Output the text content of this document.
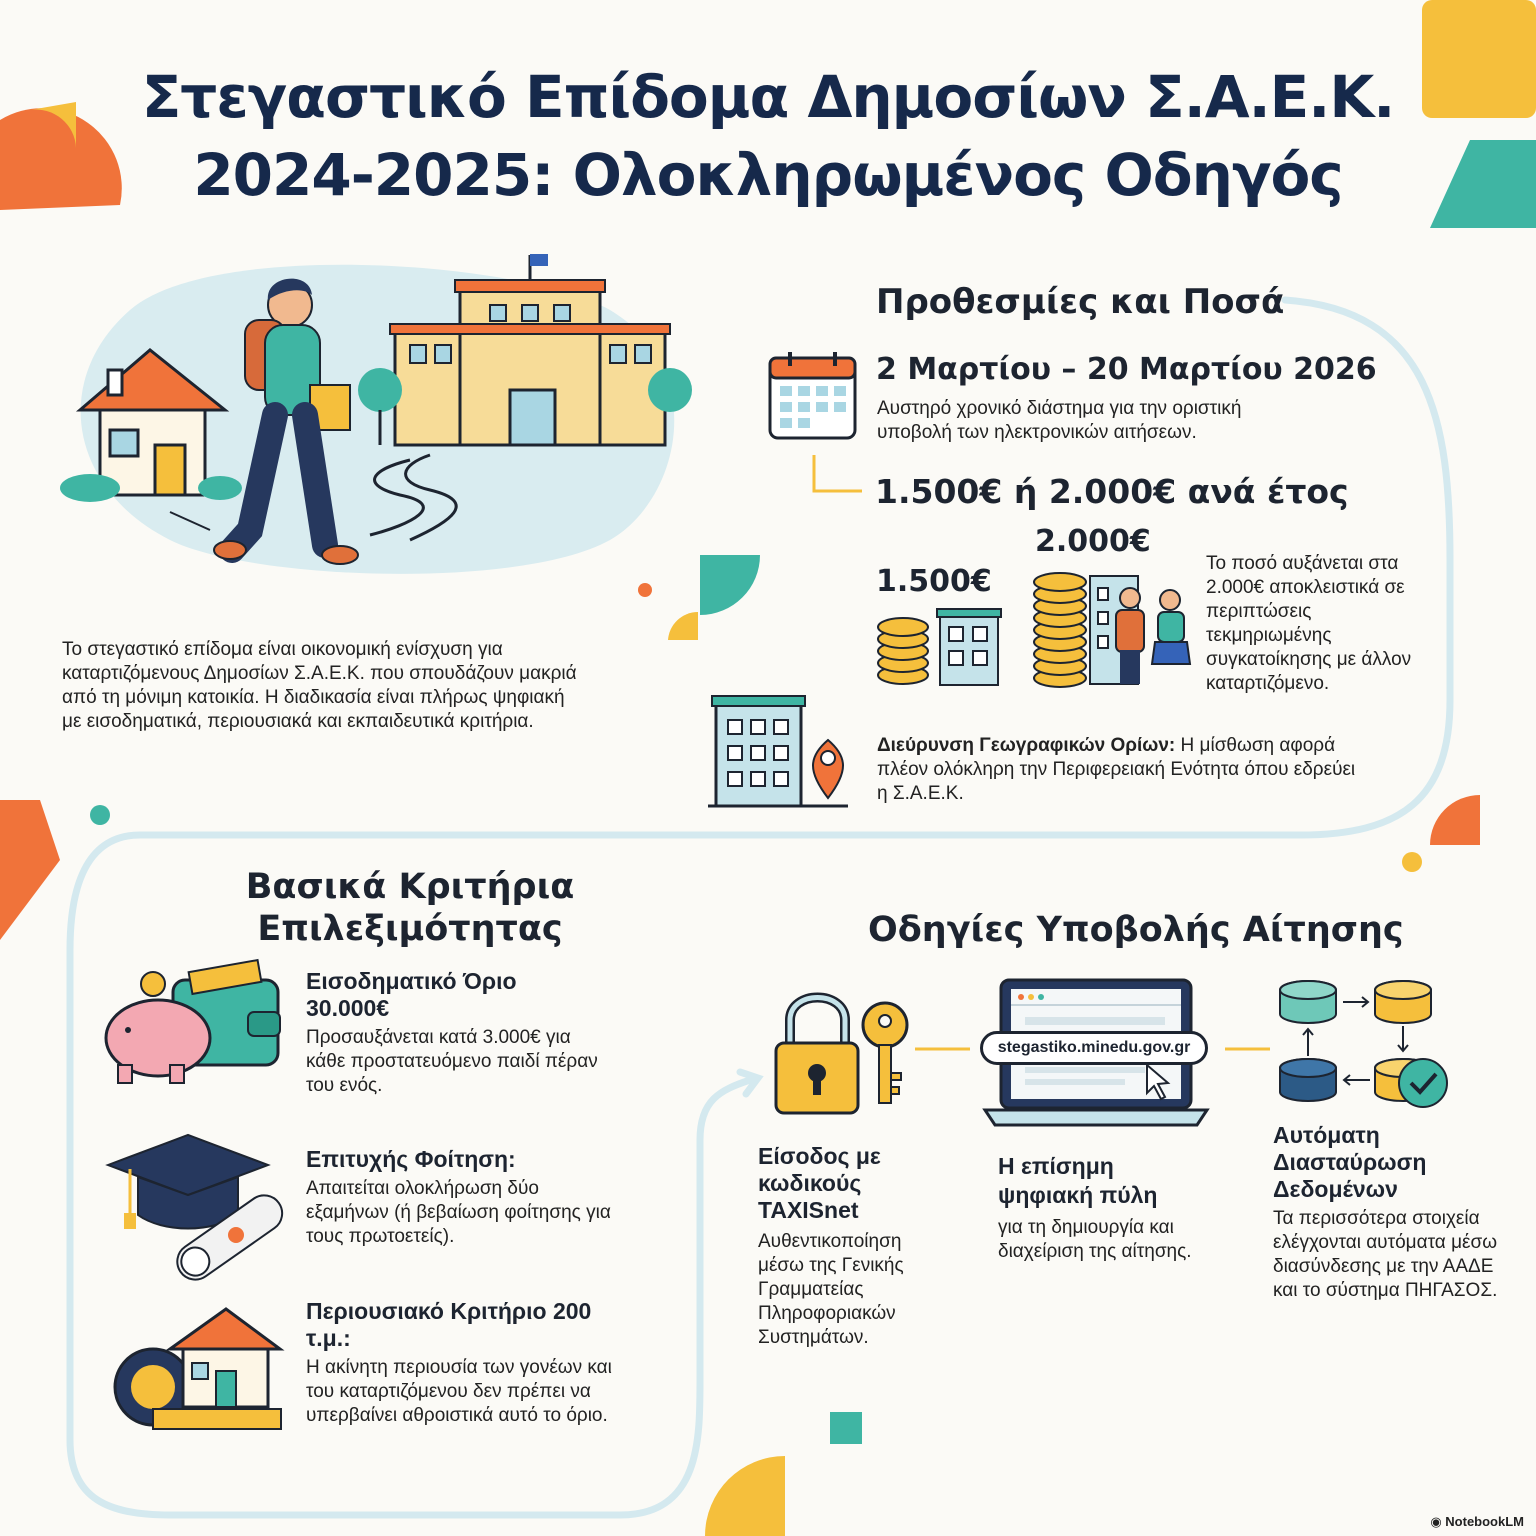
Στεγαστικό Επίδομα Δημοσίων Σ.Α.Ε.Κ.
2024-2025: Ολοκληρωμένος Οδηγός
Το στεγαστικό επίδομα είναι οικονομική ενίσχυση για καταρτιζόμενους Δημοσίων Σ.Α.Ε.Κ. που σπουδάζουν μακριά από τη μόνιμη κατοικία. Η διαδικασία είναι πλήρως ψηφιακή με εισοδηματικά, περιουσιακά και εκπαιδευτικά κριτήρια.
Προθεσμίες και Ποσά
2 Μαρτίου – 20 Μαρτίου 2026
Αυστηρό χρονικό διάστημα για την οριστική υποβολή των ηλεκτρονικών αιτήσεων.
1.500€ ή 2.000€ ανά έτος
1.500€
2.000€
Το ποσό αυξάνεται στα 2.000€ αποκλειστικά σε περιπτώσεις τεκμηριωμένης συγκατοίκησης με άλλον καταρτιζόμενο.
Διεύρυνση Γεωγραφικών Ορίων: Η μίσθωση αφορά πλέον ολόκληρη την Περιφερειακή Ενότητα όπου εδρεύει η Σ.Α.Ε.Κ.
Βασικά Κριτήρια
Επιλεξιμότητας
Εισοδηματικό Όριο 30.000€
Προσαυξάνεται κατά 3.000€ για κάθε προστατευόμενο παιδί πέραν του ενός.
Επιτυχής Φοίτηση:
Απαιτείται ολοκλήρωση δύο εξαμήνων (ή βεβαίωση φοίτησης για τους πρωτοετείς).
Περιουσιακό Κριτήριο 200 τ.μ.:
Η ακίνητη περιουσία των γονέων και του καταρτιζόμενου δεν πρέπει να υπερβαίνει αθροιστικά αυτό το όριο.
Οδηγίες Υποβολής Αίτησης
stegastiko.minedu.gov.gr
Είσοδος με κωδικούς TAXISnet
Αυθεντικοποίηση μέσω της Γενικής Γραμματείας Πληροφοριακών Συστημάτων.
Η επίσημη ψηφιακή πύλη
για τη δημιουργία και διαχείριση της αίτησης.
Αυτόματη Διασταύρωση Δεδομένων
Τα περισσότερα στοιχεία ελέγχονται αυτόματα μέσω διασύνδεσης με την ΑΑΔΕ και το σύστημα ΠΗΓΑΣΟΣ.
◉ NotebookLM
